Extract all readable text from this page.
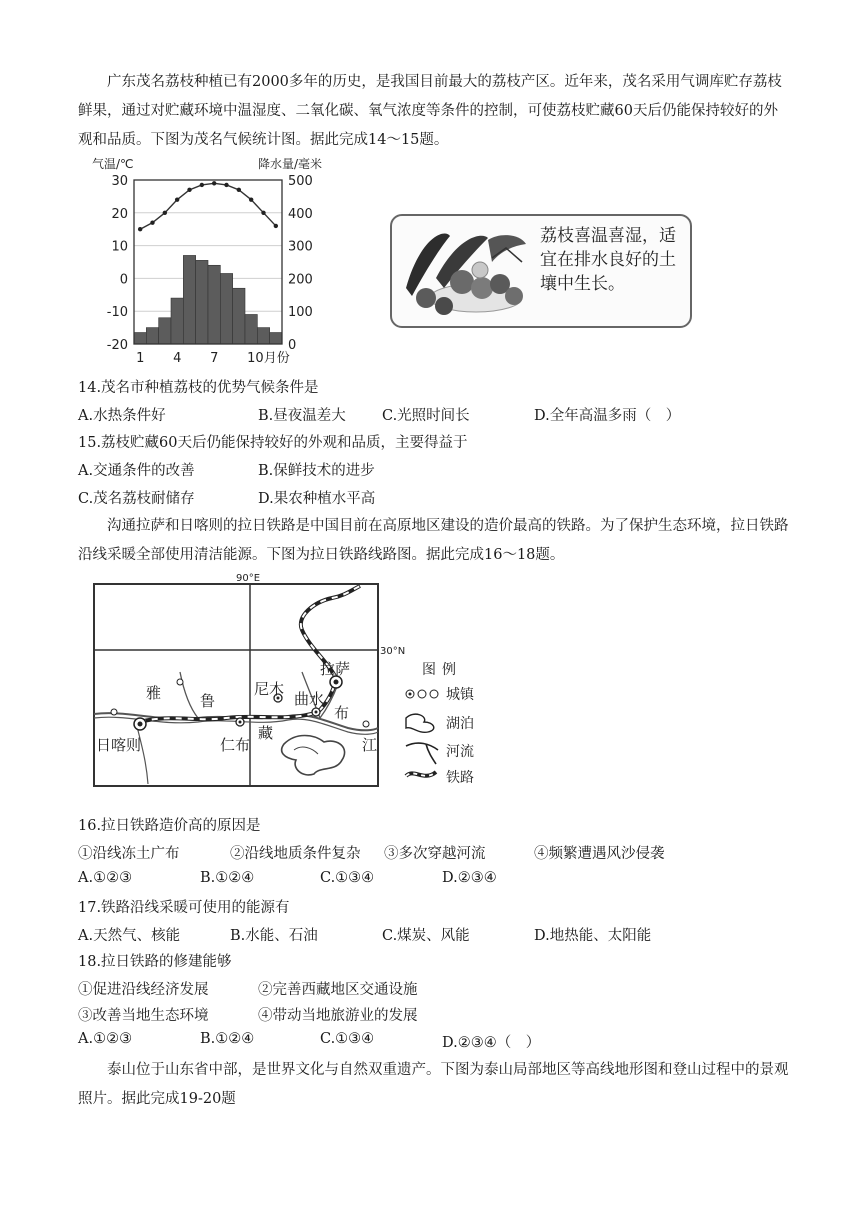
广东茂名荔枝种植已有2000多年的历史，是我国目前最大的荔枝产区。近年来，茂名采用气调库贮存荔枝鲜果，通过对贮藏环境中温湿度、二氧化碳、氧气浓度等条件的控制，可使荔枝贮藏60天后仍能保持较好的外观和品质。下图为茂名气候统计图。据此完成14～15题。
气温/℃	降水量/毫米
30
20
10
0
-10
-20
500
400
300
200
100
0
1 4 7 10月份
荔枝喜温喜湿，适宜在排水良好的土壤中生长。
14.茂名市种植荔枝的优势气候条件是
A.水热条件好	B.昼夜温差大 C.光照时间长	D.全年高温多雨（　）
15.荔枝贮藏60天后仍能保持较好的外观和品质，主要得益于
A.交通条件的改善	B.保鲜技术的进步
C.茂名荔枝耐储存	D.果农种植水平高
沟通拉萨和日喀则的拉日铁路是中国目前在高原地区建设的造价最高的铁路。为了保护生态环境，拉日铁路沿线采暖全部使用清洁能源。下图为拉日铁路线路图。据此完成16～18题。
90°E
30°N
拉萨
日喀则	仁布
尼木
曲水
藏
布
江
雅	鲁
图例
城镇
湖泊
河流
铁路
16.拉日铁路造价高的原因是
①沿线冻土广布	②沿线地质条件复杂 ③多次穿越河流	④频繁遭遇风沙侵袭
A.①②③	B.①②④	C.①③④	D.②③④
17.铁路沿线采暖可使用的能源有
A.天然气、核能	B.水能、石油	C.煤炭、风能	D.地热能、太阳能
18.拉日铁路的修建能够
①促进沿线经济发展	②完善西藏地区交通设施
③改善当地生态环境	④带动当地旅游业的发展
A.①②③	B.①②④	C.①③④	D.②③④（　）
泰山位于山东省中部，是世界文化与自然双重遗产。下图为泰山局部地区等高线地形图和登山过程中的景观照片。据此完成19-20题
